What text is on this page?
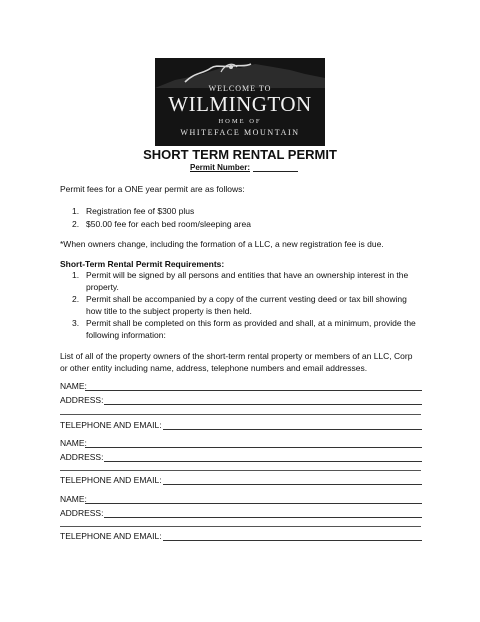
WELCOME TO
WILMINGTON
HOME OF
WHITEFACE MOUNTAIN
SHORT TERM RENTAL PERMIT
Permit Number:
Permit fees for a ONE year permit are as follows:
1. Registration fee of $300 plus
2. $50.00 fee for each bed room/sleeping area
*When owners change, including the formation of a LLC, a new registration fee is due.
Short-Term Rental Permit Requirements:
1. Permit will be signed by all persons and entities that have an ownership interest in the
property.
2. Permit shall be accompanied by a copy of the current vesting deed or tax bill showing
how title to the subject property is then held.
3. Permit shall be completed on this form as provided and shall, at a minimum, provide the
following information:
List of all of the property owners of the short-term rental property or members of an LLC, Corp
or other entity including name, address, telephone numbers and email addresses.
NAME:
ADDRESS:
TELEPHONE AND EMAIL:
NAME:
ADDRESS:
TELEPHONE AND EMAIL:
NAME:
ADDRESS:
TELEPHONE AND EMAIL:
